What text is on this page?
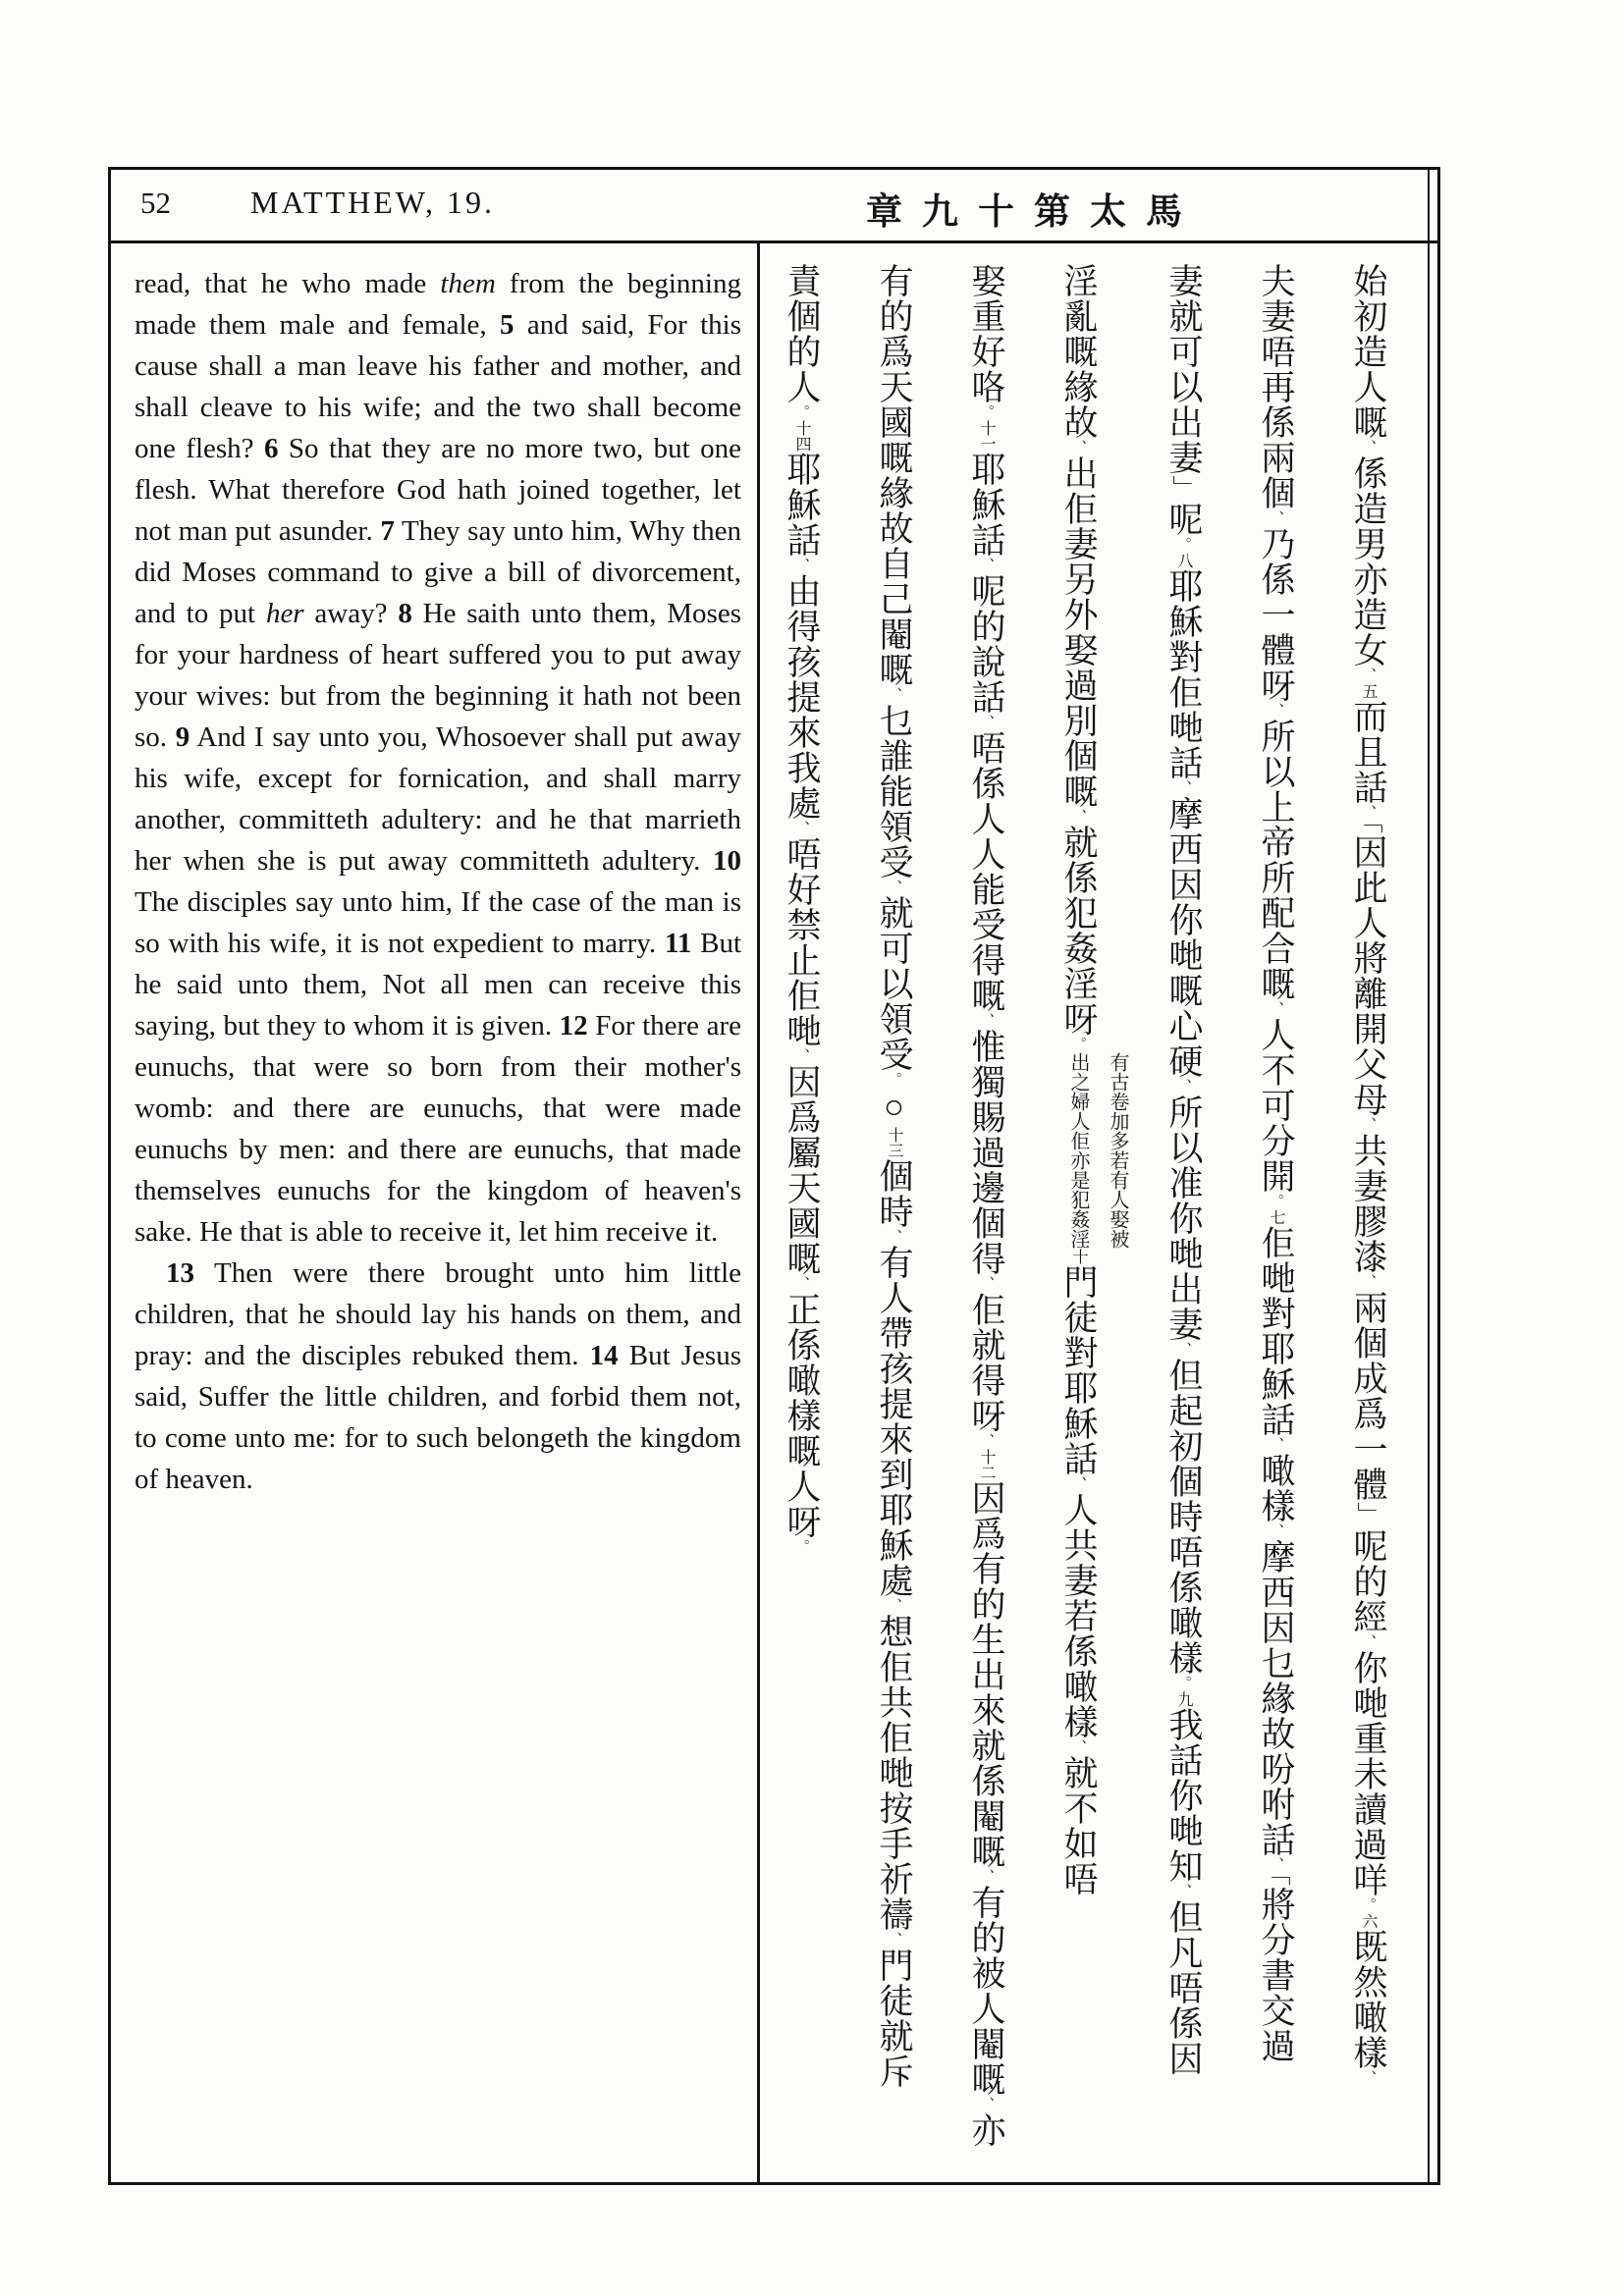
52	MATTHEW, 19.	章九十第太馬

read, that he who made them from the beginning made them male and female, 5 and said, For this cause shall a man leave his father and mother, and shall cleave to his wife; and the two shall become one flesh? 6 So that they are no more two, but one flesh. What therefore God hath joined together, let not man put asunder. 7 They say unto him, Why then did Moses command to give a bill of divorcement, and to put her away? 8 He saith unto them, Moses for your hardness of heart suffered you to put away your wives: but from the beginning it hath not been so. 9 And I say unto you, Whosoever shall put away his wife, except for fornication, and shall marry another, committeth adultery: and he that marrieth her when she is put away committeth adultery. 10 The disciples say unto him, If the case of the man is so with his wife, it is not expedient to marry. 11 But he said unto them, Not all men can receive this saying, but they to whom it is given. 12 For there are eunuchs, that were so born from their mother's womb: and there are eunuchs, that were made eunuchs by men: and there are eunuchs, that made themselves eunuchs for the kingdom of heaven's sake. He that is able to receive it, let him receive it.

13 Then were there brought unto him little children, that he should lay his hands on them, and pray: and the disciples rebuked them. 14 But Jesus said, Suffer the little children, and forbid them not, to come unto me: for to such belongeth the kingdom of heaven.

始初造人嘅、係造男亦造女、五而且話、「因此人將離開父母、共妻膠漆、兩個成爲一體」呢的經、你哋重未讀過咩。六既然噉樣、
夫妻唔再係兩個、乃係一體呀、所以上帝所配合嘅、人不可分開。七佢哋對耶穌話、噉樣、摩西因乜緣故吩咐話、「將分書交過
妻就可以出妻」呢。八耶穌對佢哋話、摩西因你哋嘅心硬、所以准你哋出妻、但起初個時唔係噉樣。九我話你哋知、但凡唔係因
淫亂嘅緣故、出佢妻另外娶過別個嘅、就係犯姦淫呀。
有古卷加多若有人娶被
出之婦人佢亦是犯姦淫
十門徒對耶穌話、人共妻若係噉樣、就不如唔
娶重好咯。十一耶穌話、呢的說話、唔係人人能受得嘅、惟獨賜過邊個得、佢就得呀、十二因爲有的生出來就係閹嘅、有的被人閹嘅、亦
有的爲天國嘅緣故自己閹嘅、乜誰能領受、就可以領受。○十三個時、有人帶孩提來到耶穌處、想佢共佢哋按手祈禱、門徒就斥
責個的人。十四耶穌話、由得孩提來我處、唔好禁止佢哋、因爲屬天國嘅、正係噉樣嘅人呀。
